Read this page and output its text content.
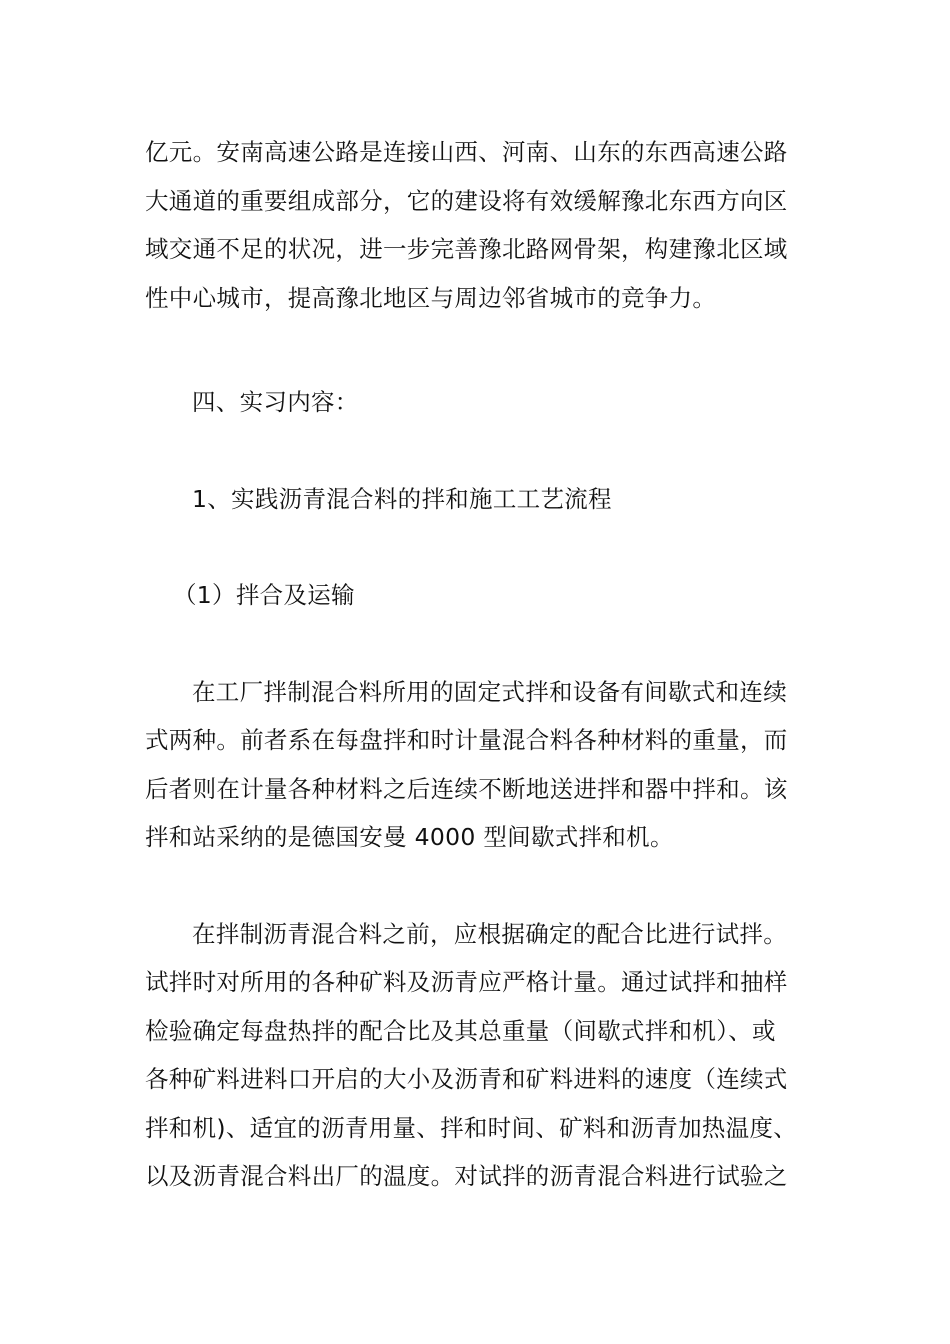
亿元。安南高速公路是连接山西、河南、山东的东西高速公路
大通道的重要组成部分，它的建设将有效缓解豫北东西方向区
域交通不足的状况，进一步完善豫北路网骨架，构建豫北区域
性中心城市，提高豫北地区与周边邻省城市的竞争力。
四、实习内容：
1、实践沥青混合料的拌和施工工艺流程
（1）拌合及运输
在工厂拌制混合料所用的固定式拌和设备有间歇式和连续
式两种。前者系在每盘拌和时计量混合料各种材料的重量，而
后者则在计量各种材料之后连续不断地送进拌和器中拌和。该
拌和站采纳的是德国安曼 4000 型间歇式拌和机。
在拌制沥青混合料之前，应根据确定的配合比进行试拌。
试拌时对所用的各种矿料及沥青应严格计量。通过试拌和抽样
检验确定每盘热拌的配合比及其总重量（间歇式拌和机）、或
各种矿料进料口开启的大小及沥青和矿料进料的速度（连续式
拌和机)、适宜的沥青用量、拌和时间、矿料和沥青加热温度、
以及沥青混合料出厂的温度。对试拌的沥青混合料进行试验之
